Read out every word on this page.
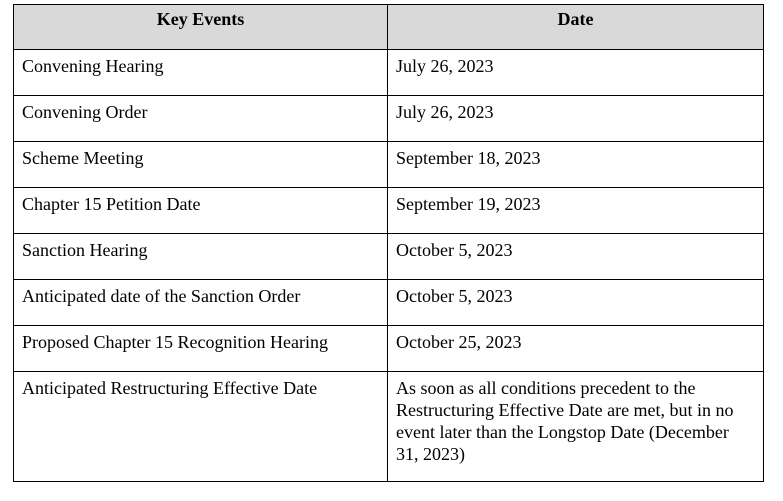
Key Events	Date
Convening Hearing	July 26, 2023
Convening Order	July 26, 2023
Scheme Meeting	September 18, 2023
Chapter 15 Petition Date	September 19, 2023
Sanction Hearing	October 5, 2023
Anticipated date of the Sanction Order	October 5, 2023
Proposed Chapter 15 Recognition Hearing	October 25, 2023
Anticipated Restructuring Effective Date	As soon as all conditions precedent to the Restructuring Effective Date are met, but in no event later than the Longstop Date (December 31, 2023)
